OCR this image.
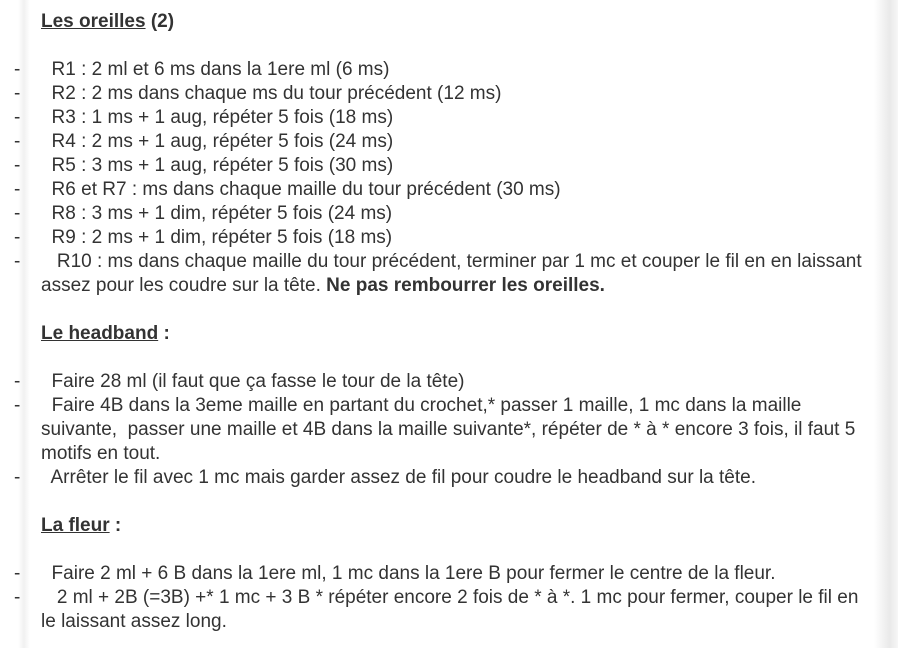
Les oreilles (2)
- R1 : 2 ml et 6 ms dans la 1ere ml (6 ms)
- R2 : 2 ms dans chaque ms du tour précédent (12 ms)
- R3 : 1 ms + 1 aug, répéter 5 fois (18 ms)
- R4 : 2 ms + 1 aug, répéter 5 fois (24 ms)
- R5 : 3 ms + 1 aug, répéter 5 fois (30 ms)
- R6 et R7 : ms dans chaque maille du tour précédent (30 ms)
- R8 : 3 ms + 1 dim, répéter 5 fois (24 ms)
- R9 : 2 ms + 1 dim, répéter 5 fois (18 ms)
- R10 : ms dans chaque maille du tour précédent, terminer par 1 mc et couper le fil en en laissant assez pour les coudre sur la tête. Ne pas rembourrer les oreilles.
Le headband :
- Faire 28 ml (il faut que ça fasse le tour de la tête)
- Faire 4B dans la 3eme maille en partant du crochet,* passer 1 maille, 1 mc dans la maille suivante,  passer une maille et 4B dans la maille suivante*, répéter de * à * encore 3 fois, il faut 5 motifs en tout.
- Arrêter le fil avec 1 mc mais garder assez de fil pour coudre le headband sur la tête.
La fleur :
- Faire 2 ml + 6 B dans la 1ere ml, 1 mc dans la 1ere B pour fermer le centre de la fleur.
- 2 ml + 2B (=3B) +* 1 mc + 3 B * répéter encore 2 fois de * à *. 1 mc pour fermer, couper le fil en le laissant assez long.
